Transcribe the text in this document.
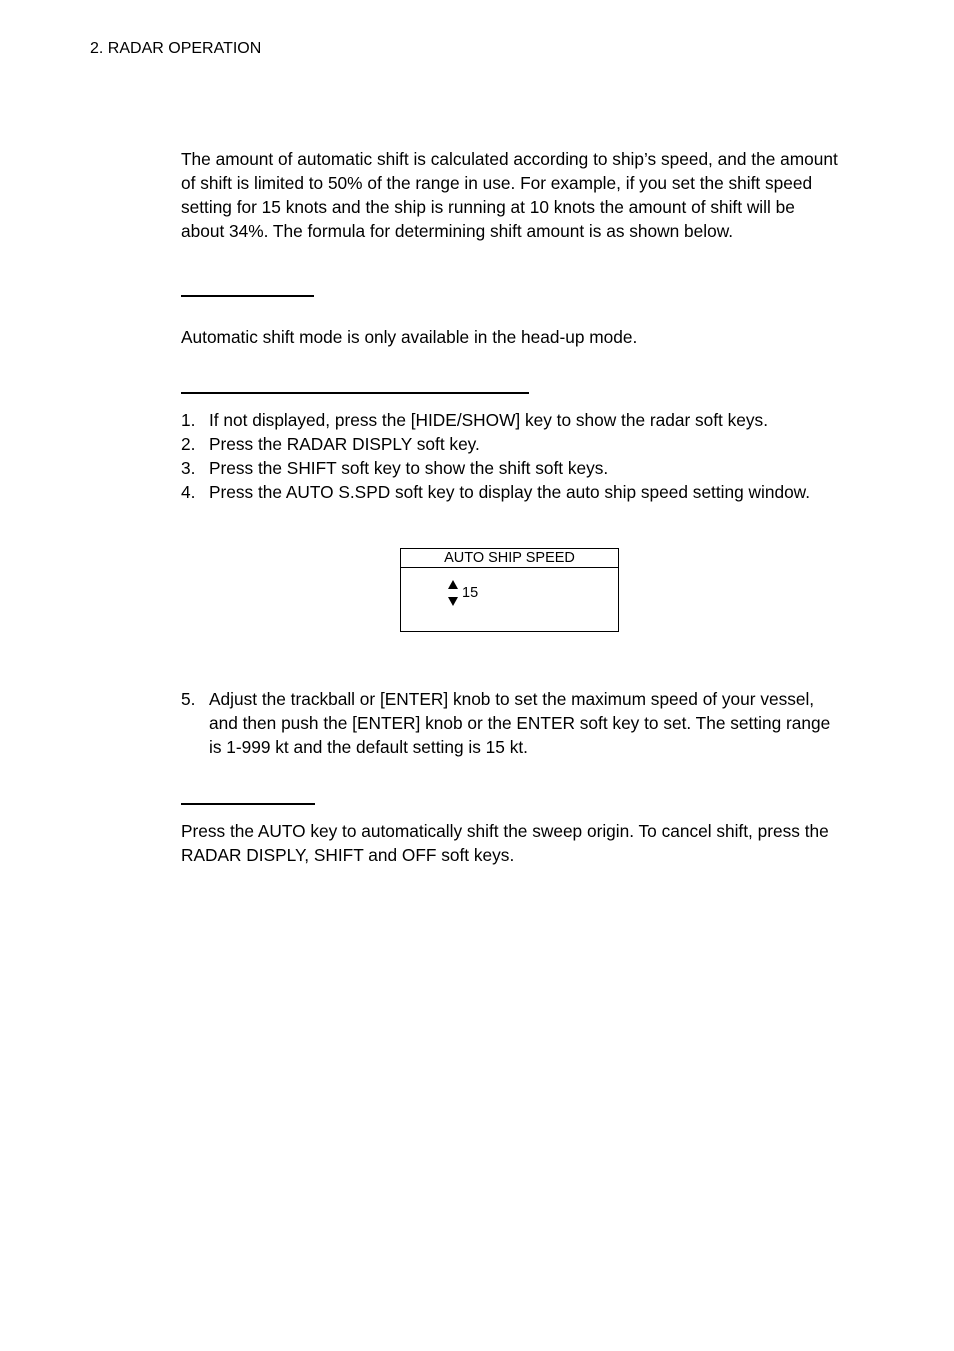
2. RADAR OPERATION

The amount of automatic shift is calculated according to ship’s speed, and the amount of shift is limited to 50% of the range in use. For example, if you set the shift speed setting for 15 knots and the ship is running at 10 knots the amount of shift will be about 34%. The formula for determining shift amount is as shown below.

Automatic shift mode is only available in the head-up mode.

1. If not displayed, press the [HIDE/SHOW] key to show the radar soft keys.
2. Press the RADAR DISPLY soft key.
3. Press the SHIFT soft key to show the shift soft keys.
4. Press the AUTO S.SPD soft key to display the auto ship speed setting window.
AUTO SHIP SPEED
15
5. Adjust the trackball or [ENTER] knob to set the maximum speed of your vessel, and then push the [ENTER] knob or the ENTER soft key to set. The setting range is 1-999 kt and the default setting is 15 kt.

Press the AUTO key to automatically shift the sweep origin. To cancel shift, press the RADAR DISPLY, SHIFT and OFF soft keys.
